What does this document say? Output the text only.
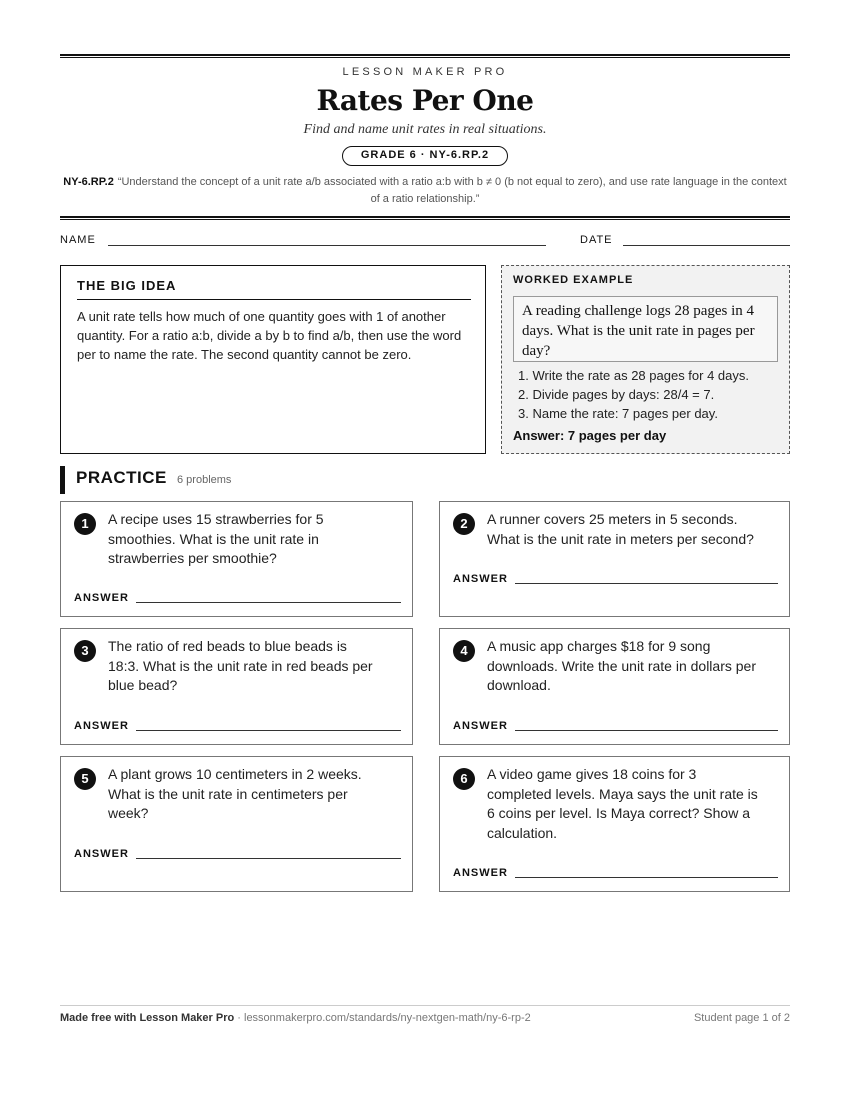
LESSON MAKER PRO
Rates Per One
Find and name unit rates in real situations.
GRADE 6 · NY-6.RP.2
NY-6.RP.2 “Understand the concept of a unit rate a/b associated with a ratio a:b with b ≠ 0 (b not equal to zero), and use rate language in the context of a ratio relationship.”
NAME	DATE
THE BIG IDEA
A unit rate tells how much of one quantity goes with 1 of another quantity. For a ratio a:b, divide a by b to find a/b, then use the word per to name the rate. The second quantity cannot be zero.
WORKED EXAMPLE
A reading challenge logs 28 pages in 4 days. What is the unit rate in pages per day?
1. Write the rate as 28 pages for 4 days.
2. Divide pages by days: 28/4 = 7.
3. Name the rate: 7 pages per day.
Answer: 7 pages per day
PRACTICE 6 problems
1	A recipe uses 15 strawberries for 5
smoothies. What is the unit rate in
strawberries per smoothie?
ANSWER
2	A runner covers 25 meters in 5 seconds.
What is the unit rate in meters per second?
ANSWER
3	The ratio of red beads to blue beads is
18:3. What is the unit rate in red beads per
blue bead?
ANSWER
4	A music app charges $18 for 9 song
downloads. Write the unit rate in dollars per
download.
ANSWER
5	A plant grows 10 centimeters in 2 weeks.
What is the unit rate in centimeters per
week?
ANSWER
6	A video game gives 18 coins for 3
completed levels. Maya says the unit rate is
6 coins per level. Is Maya correct? Show a
calculation.
ANSWER
Made free with Lesson Maker Pro · lessonmakerpro.com/standards/ny-nextgen-math/ny-6-rp-2	Student page 1 of 2
